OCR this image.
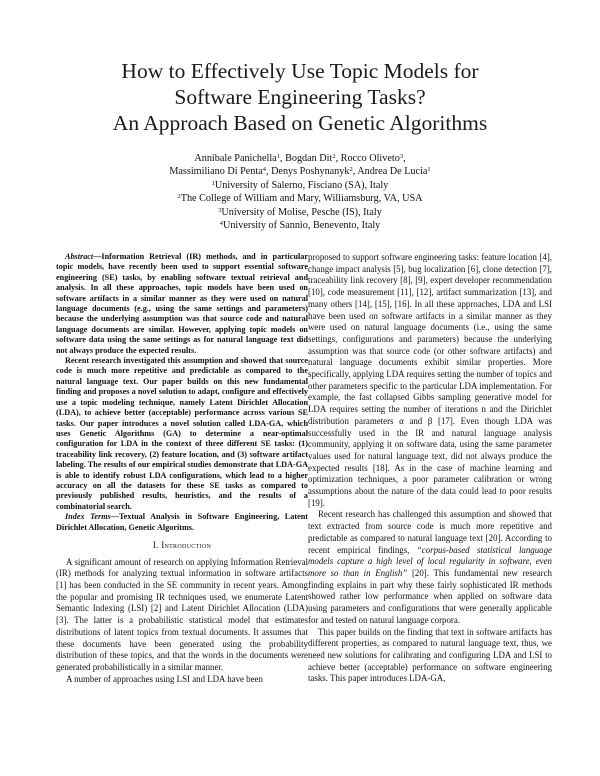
How to Effectively Use Topic Models for
Software Engineering Tasks?
An Approach Based on Genetic Algorithms
Annibale Panichella$^1$, Bogdan Dit$^2$, Rocco Oliveto$^3$,
Massimiliano Di Penta$^4$, Denys Poshynanyk$^2$, Andrea De Lucia$^1$
$^1$University of Salerno, Fisciano (SA), Italy
$^2$The College of William and Mary, Williamsburg, VA, USA
$^3$University of Molise, Pesche (IS), Italy
$^4$University of Sannio, Benevento, Italy

Abstract—Information Retrieval (IR) methods, and in particular topic models, have recently been used to support essential software engineering (SE) tasks, by enabling software textual retrieval and analysis. In all these approaches, topic models have been used on software artifacts in a similar manner as they were used on natural language documents (e.g., using the same settings and parameters) because the underlying assumption was that source code and natural language documents are similar. However, applying topic models on software data using the same settings as for natural language text did not always produce the expected results.

Recent research investigated this assumption and showed that source code is much more repetitive and predictable as compared to the natural language text. Our paper builds on this new fundamental finding and proposes a novel solution to adapt, configure and effectively use a topic modeling technique, namely Latent Dirichlet Allocation (LDA), to achieve better (acceptable) performance across various SE tasks. Our paper introduces a novel solution called LDA-GA, which uses Genetic Algorithms (GA) to determine a near-optimal configuration for LDA in the context of three different SE tasks: (1) traceability link recovery, (2) feature location, and (3) software artifact labeling. The results of our empirical studies demonstrate that LDA-GA is able to identify robust LDA configurations, which lead to a higher accuracy on all the datasets for these SE tasks as compared to previously published results, heuristics, and the results of a combinatorial search.

Index Terms—Textual Analysis in Software Engineering, Latent Dirichlet Allocation, Genetic Algoritms.

I. Introduction

A significant amount of research on applying Information Retrieval (IR) methods for analyzing textual information in software artifacts [1] has been conducted in the SE community in recent years. Among the popular and promising IR techniques used, we enumerate Latent Semantic Indexing (LSI) [2] and Latent Dirichlet Allocation (LDA) [3]. The latter is a probabilistic statistical model that estimates distributions of latent topics from textual documents. It assumes that these documents have been generated using the probability distribution of these topics, and that the words in the documents were generated probabilistically in a similar manner.

A number of approaches using LSI and LDA have been

proposed to support software engineering tasks: feature location [4], change impact analysis [5], bug localization [6], clone detection [7], traceability link recovery [8], [9], expert developer recommendation [10], code measurement [11], [12], artifact summarization [13], and many others [14], [15], [16]. In all these approaches, LDA and LSI have been used on software artifacts in a similar manner as they were used on natural language documents (i.e., using the same settings, configurations and parameters) because the underlying assumption was that source code (or other software artifacts) and natural language documents exhibit similar properties. More specifically, applying LDA requires setting the number of topics and other parameters specific to the particular LDA implementation. For example, the fast collapsed Gibbs sampling generative model for LDA requires setting the number of iterations n and the Dirichlet distribution parameters α and β [17]. Even though LDA was successfully used in the IR and natural language analysis community, applying it on software data, using the same parameter values used for natural language text, did not always produce the expected results [18]. As in the case of machine learning and optimization techniques, a poor parameter calibration or wrong assumptions about the nature of the data could lead to poor results [19].

Recent research has challenged this assumption and showed that text extracted from source code is much more repetitive and predictable as compared to natural language text [20]. According to recent empirical findings, “corpus-based statistical language models capture a high level of local regularity in software, even more so than in English” [20]. This fundamental new research finding explains in part why these fairly sophisticated IR methods showed rather low performance when applied on software data using parameters and configurations that were generally applicable for and tested on natural language corpora.

This paper builds on the finding that text in software artifacts has different properties, as compared to natural language text, thus, we need new solutions for calibrating and configuring LDA and LSI to achieve better (acceptable) performance on software engineering tasks. This paper introduces LDA-GA,
